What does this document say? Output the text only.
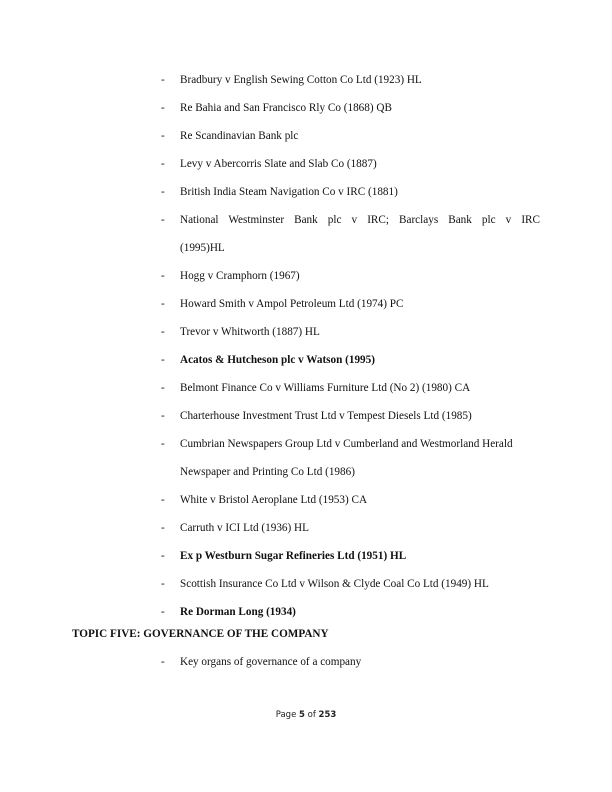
-	Bradbury v English Sewing Cotton Co Ltd (1923) HL
-	Re Bahia and San Francisco Rly Co (1868) QB
-	Re Scandinavian Bank plc
-	Levy v Abercorris Slate and Slab Co (1887)
-	British India Steam Navigation Co v IRC (1881)
-	National Westminster Bank plc v IRC; Barclays Bank plc v IRC
(1995)HL
-	Hogg v Cramphorn (1967)
-	Howard Smith v Ampol Petroleum Ltd (1974) PC
-	Trevor v Whitworth (1887) HL
-	Acatos & Hutcheson plc v Watson (1995)
-	Belmont Finance Co v Williams Furniture Ltd (No 2) (1980) CA
-	Charterhouse Investment Trust Ltd v Tempest Diesels Ltd (1985)
-	Cumbrian Newspapers Group Ltd v Cumberland and Westmorland Herald
Newspaper and Printing Co Ltd (1986)
-	White v Bristol Aeroplane Ltd (1953) CA
-	Carruth v ICI Ltd (1936) HL
-	Ex p Westburn Sugar Refineries Ltd (1951) HL
-	Scottish Insurance Co Ltd v Wilson & Clyde Coal Co Ltd (1949) HL
-	Re Dorman Long (1934)
TOPIC FIVE: GOVERNANCE OF THE COMPANY
-	Key organs of governance of a company
Page 5 of 253
